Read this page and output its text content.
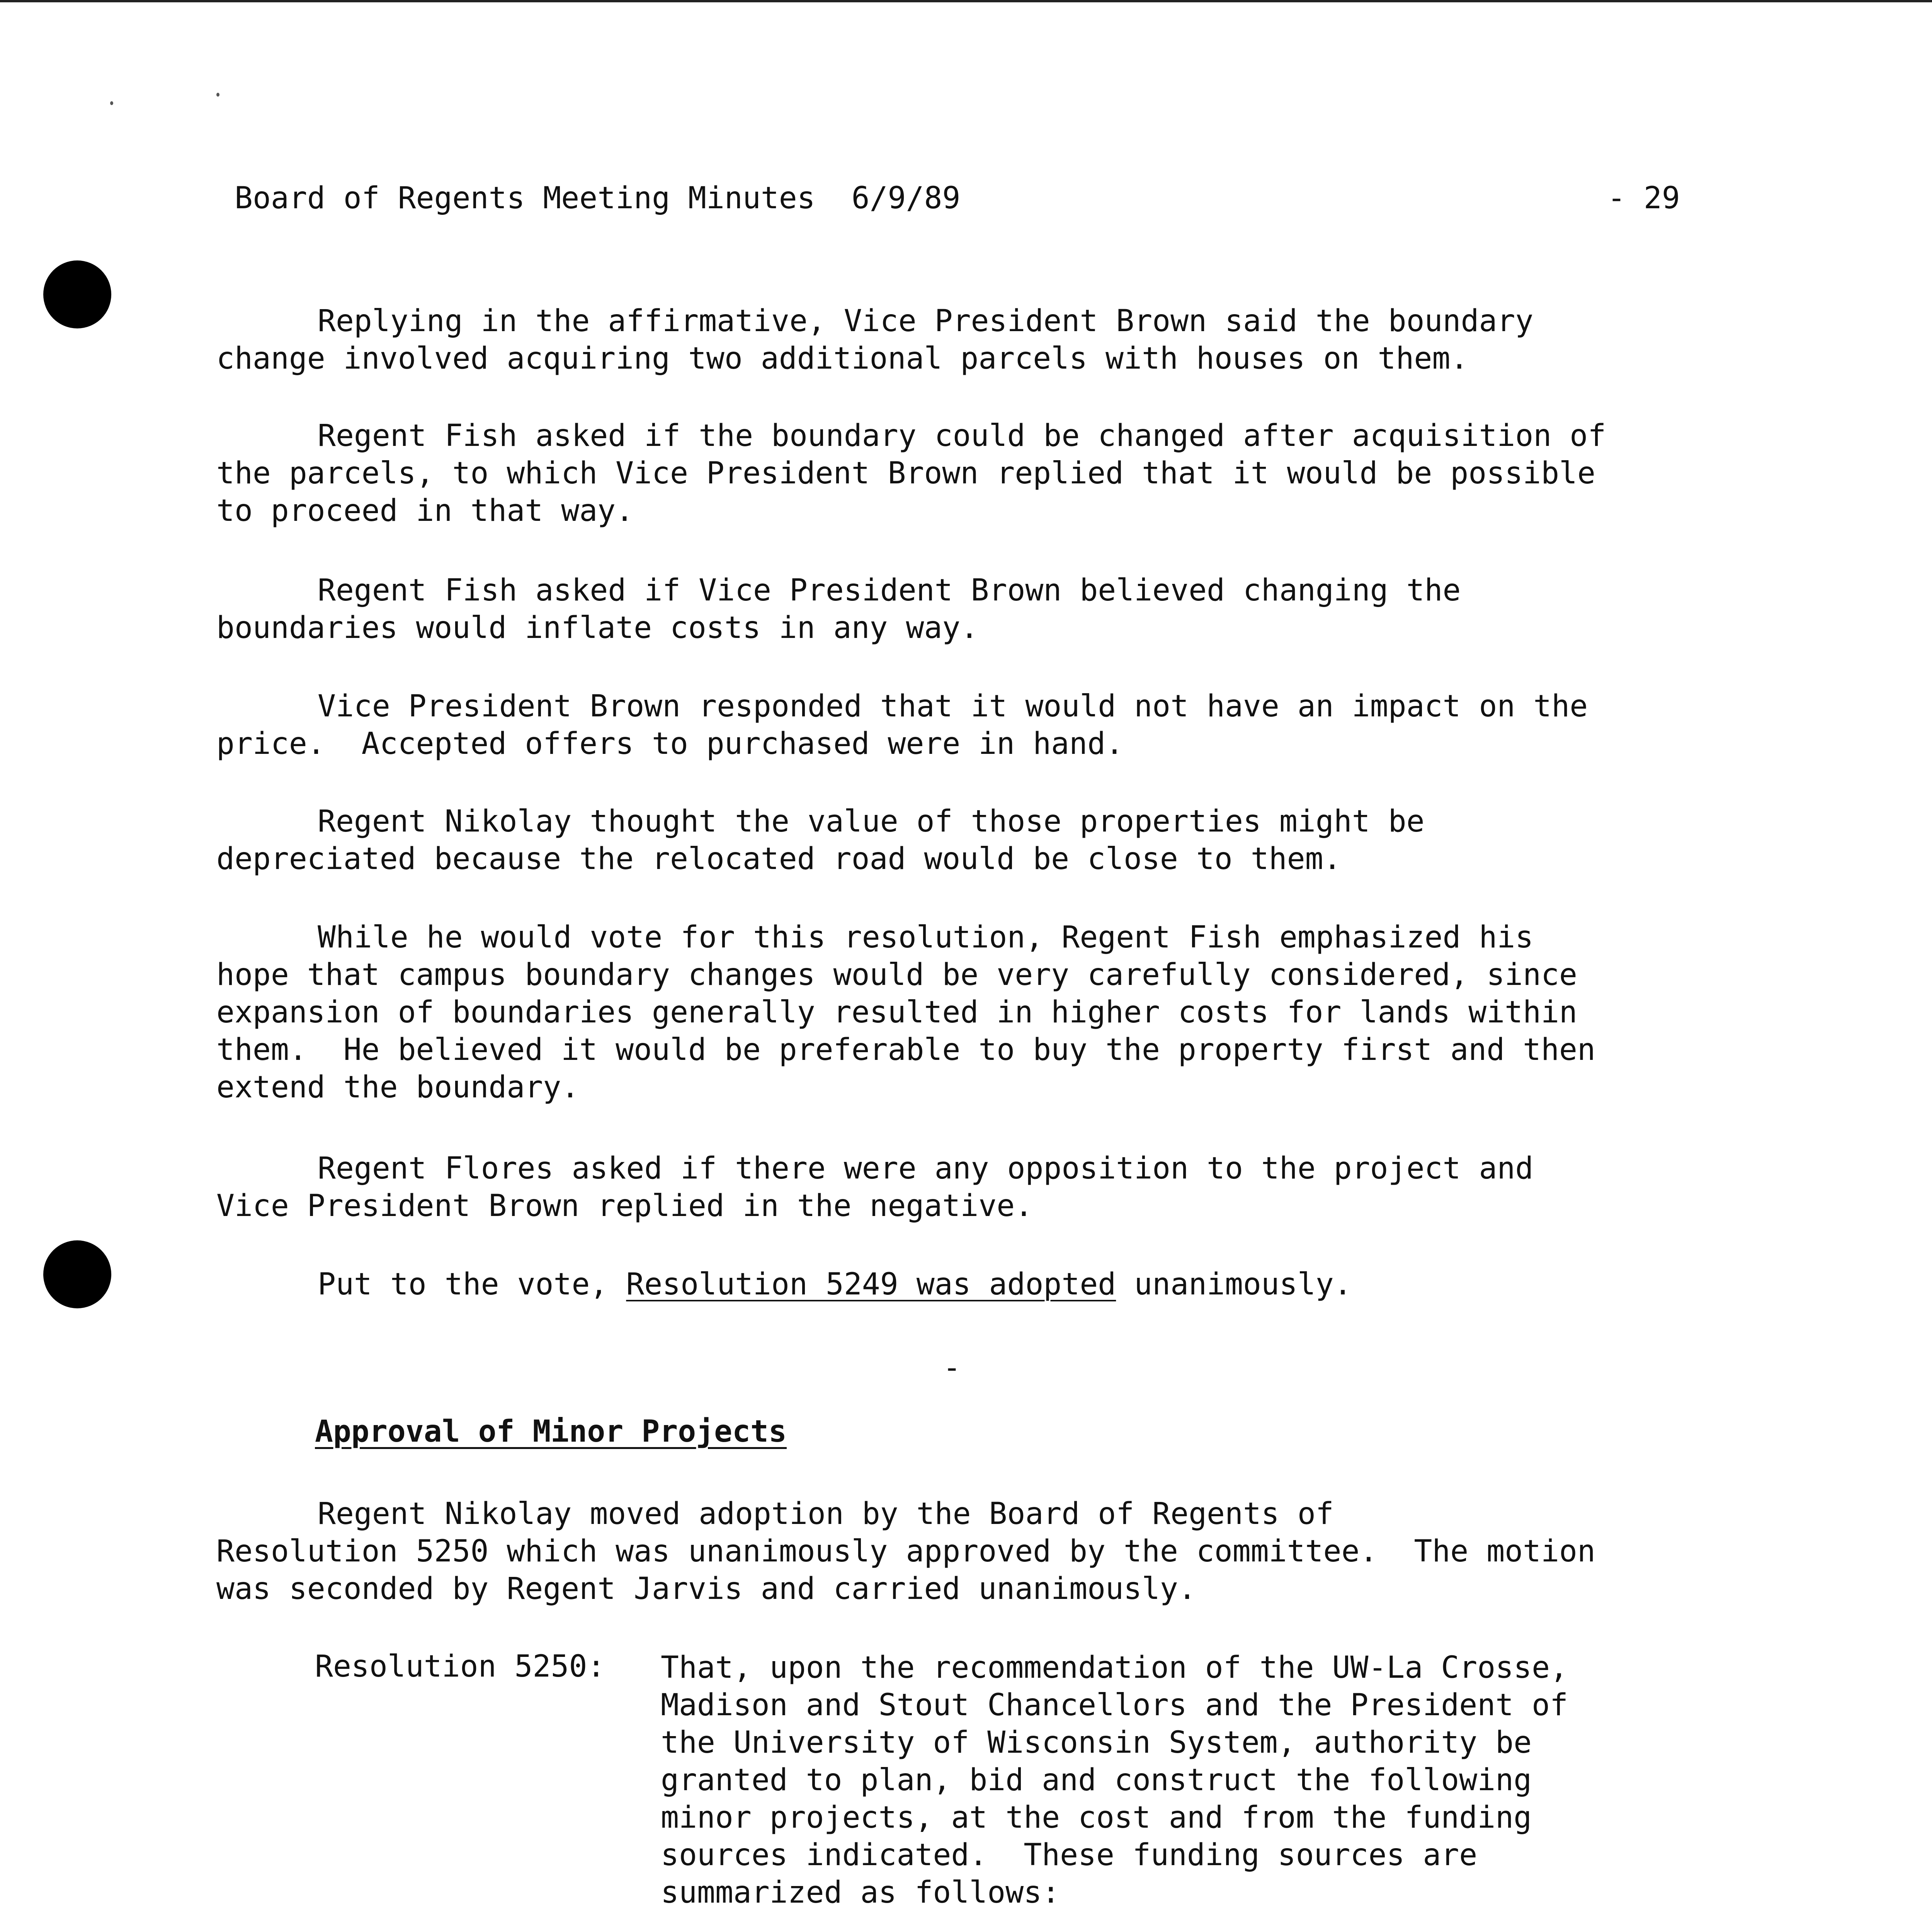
Board of Regents Meeting Minutes  6/9/89	- 29
Replying in the affirmative, Vice President Brown said the boundary
change involved acquiring two additional parcels with houses on them.
Regent Fish asked if the boundary could be changed after acquisition of
the parcels, to which Vice President Brown replied that it would be possible
to proceed in that way.
Regent Fish asked if Vice President Brown believed changing the
boundaries would inflate costs in any way.
Vice President Brown responded that it would not have an impact on the
price.  Accepted offers to purchased were in hand.
Regent Nikolay thought the value of those properties might be
depreciated because the relocated road would be close to them.
While he would vote for this resolution, Regent Fish emphasized his
hope that campus boundary changes would be very carefully considered, since
expansion of boundaries generally resulted in higher costs for lands within
them.  He believed it would be preferable to buy the property first and then
extend the boundary.
Regent Flores asked if there were any opposition to the project and
Vice President Brown replied in the negative.
Put to the vote, Resolution 5249 was adopted unanimously.
-
Approval of Minor Projects
Regent Nikolay moved adoption by the Board of Regents of
Resolution 5250 which was unanimously approved by the committee.  The motion
was seconded by Regent Jarvis and carried unanimously.
Resolution 5250: That, upon the recommendation of the UW-La Crosse,
Madison and Stout Chancellors and the President of
the University of Wisconsin System, authority be
granted to plan, bid and construct the following
minor projects, at the cost and from the funding
sources indicated.  These funding sources are
summarized as follows:
